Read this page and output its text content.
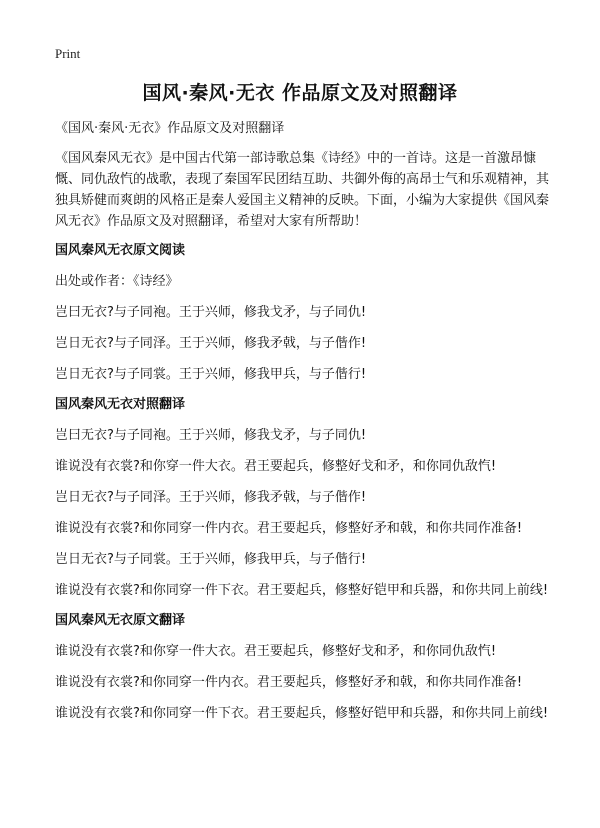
Print
国风·秦风·无衣 作品原文及对照翻译
《国风·秦风·无衣》作品原文及对照翻译
《国风秦风无衣》是中国古代第一部诗歌总集《诗经》中的一首诗。这是一首激昂慷慨、同仇敌忾的战歌，表现了秦国军民团结互助、共御外侮的高昂士气和乐观精神，其独具矫健而爽朗的风格正是秦人爱国主义精神的反映。下面，小编为大家提供《国风秦风无衣》作品原文及对照翻译，希望对大家有所帮助！
国风秦风无衣原文阅读
出处或作者：《诗经》
岂曰无衣?与子同袍。王于兴师，修我戈矛，与子同仇!
岂日无衣?与子同泽。王于兴师，修我矛戟，与子偕作!
岂日无衣?与子同裳。王于兴师，修我甲兵，与子偕行!
国风秦风无衣对照翻译
岂曰无衣?与子同袍。王于兴师，修我戈矛，与子同仇!
谁说没有衣裳?和你穿一件大衣。君王要起兵，修整好戈和矛，和你同仇敌忾!
岂日无衣?与子同泽。王于兴师，修我矛戟，与子偕作!
谁说没有衣裳?和你同穿一件内衣。君王要起兵，修整好矛和戟，和你共同作准备!
岂日无衣?与子同裳。王于兴师，修我甲兵，与子偕行!
谁说没有衣裳?和你同穿一件下衣。君王要起兵，修整好铠甲和兵器，和你共同上前线!
国风秦风无衣原文翻译
谁说没有衣裳?和你穿一件大衣。君王要起兵，修整好戈和矛，和你同仇敌忾!
谁说没有衣裳?和你同穿一件内衣。君王要起兵，修整好矛和戟，和你共同作准备!
谁说没有衣裳?和你同穿一件下衣。君王要起兵，修整好铠甲和兵器，和你共同上前线!
